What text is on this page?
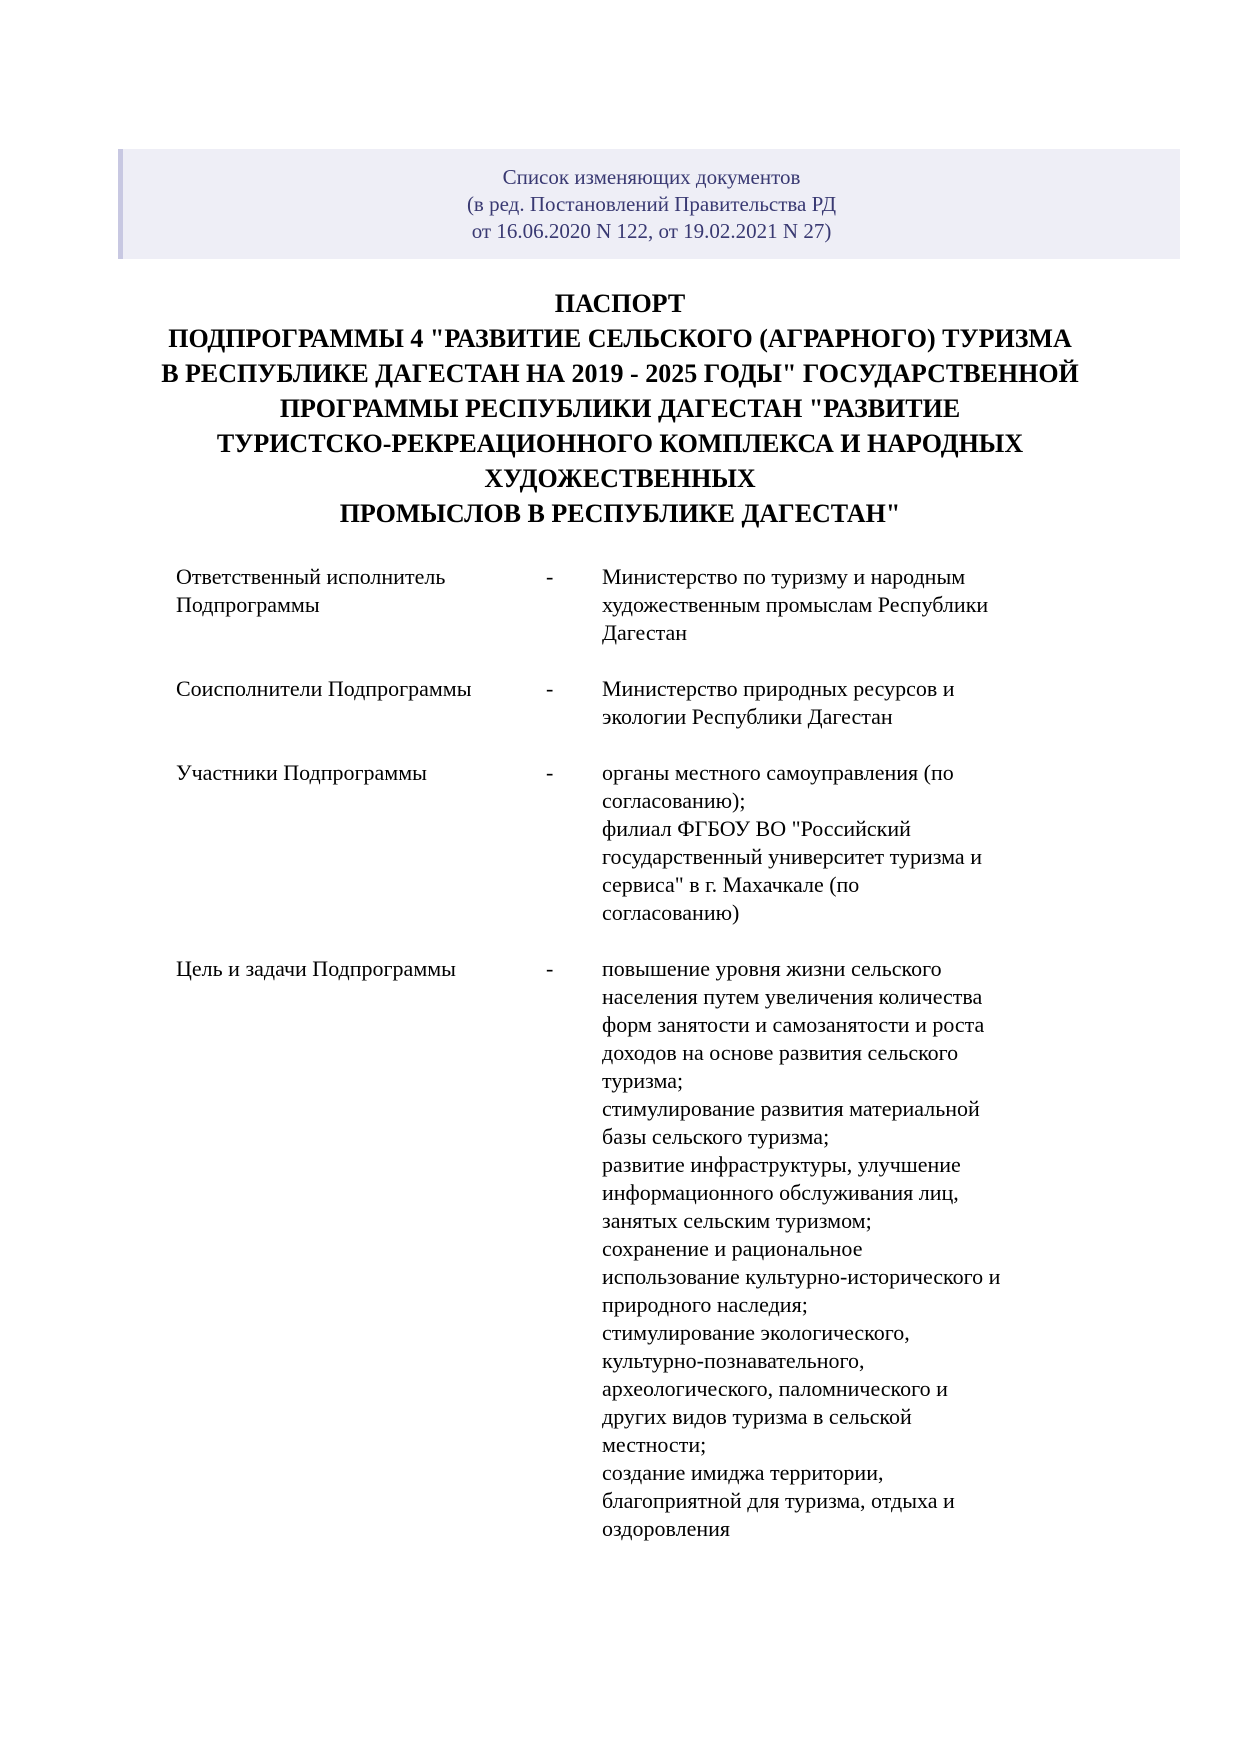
Список изменяющих документов
(в ред. Постановлений Правительства РД
от 16.06.2020 N 122, от 19.02.2021 N 27)
ПАСПОРТ
ПОДПРОГРАММЫ 4 "РАЗВИТИЕ СЕЛЬСКОГО (АГРАРНОГО) ТУРИЗМА
В РЕСПУБЛИКЕ ДАГЕСТАН НА 2019 - 2025 ГОДЫ" ГОСУДАРСТВЕННОЙ
ПРОГРАММЫ РЕСПУБЛИКИ ДАГЕСТАН "РАЗВИТИЕ
ТУРИСТСКО-РЕКРЕАЦИОННОГО КОМПЛЕКСА И НАРОДНЫХ
ХУДОЖЕСТВЕННЫХ
ПРОМЫСЛОВ В РЕСПУБЛИКЕ ДАГЕСТАН"
Ответственный исполнитель
Подпрограммы
-	Министерство по туризму и народным
художественным промыслам Республики
Дагестан
Соисполнители Подпрограммы	-	Министерство природных ресурсов и
экологии Республики Дагестан
Участники Подпрограммы	-	органы местного самоуправления (по
согласованию);
филиал ФГБОУ ВО "Российский
государственный университет туризма и
сервиса" в г. Махачкале (по
согласованию)
Цель и задачи Подпрограммы	-	повышение уровня жизни сельского
населения путем увеличения количества
форм занятости и самозанятости и роста
доходов на основе развития сельского
туризма;
стимулирование развития материальной
базы сельского туризма;
развитие инфраструктуры, улучшение
информационного обслуживания лиц,
занятых сельским туризмом;
сохранение и рациональное
использование культурно-исторического и
природного наследия;
стимулирование экологического,
культурно-познавательного,
археологического, паломнического и
других видов туризма в сельской
местности;
создание имиджа территории,
благоприятной для туризма, отдыха и
оздоровления
